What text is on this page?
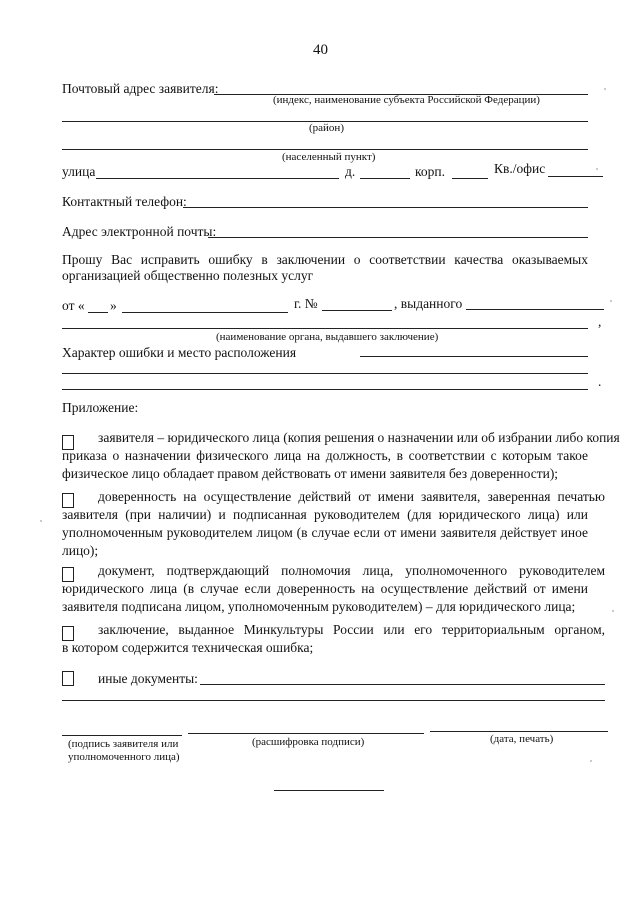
40
Почтовый адрес заявителя:
(индекс, наименование субъекта Российской Федерации)
(район)
(населенный пункт)
улица	д.	корп.	Кв./офис
Контактный телефон:
Адрес электронной почты:
Прошу Вас исправить ошибку в заключении о соответствии качества оказываемых
организацией общественно полезных услуг
от « »	г. №	, выданного
,
(наименование органа, выдавшего заключение)
Характер ошибки и место расположения
.
Приложение:
заявителя – юридического лица (копия решения о назначении или об избрании либо копия
приказа о назначении физического лица на должность, в соответствии с которым такое физическое лицо обладает правом действовать от имени заявителя без доверенности);
доверенность на осуществление действий от имени заявителя, заверенная печатью
заявителя (при наличии) и подписанная руководителем (для юридического лица) или уполномоченным руководителем лицом (в случае если от имени заявителя действует иное лицо);
документ, подтверждающий полномочия лица, уполномоченного руководителем
юридического лица (в случае если доверенность на осуществление действий от имени заявителя подписана лицом, уполномоченным руководителем) – для юридического лица;
заключение, выданное Минкультуры России или его территориальным органом,
в котором содержится техническая ошибка;
иные документы:
(подпись заявителя или
уполномоченного лица)
(расшифровка подписи)	(дата, печать)
